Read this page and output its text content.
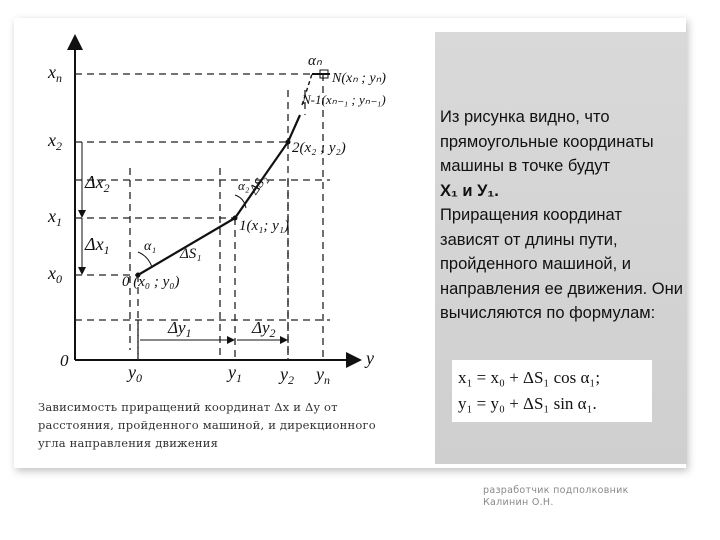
$x_n$
$x_2$
$\Delta x_2$
$x_1$
$\Delta x_1$
$x_0$
0	y
$y_0$	$y_1$ $y_2$ $y_n$
$\Delta y_1$	$\Delta y_2$
0 (x₀ ; y₀)
1(x₁; y₁)
2(x₂ ; y₂)
N-1(xₙ₋₁ ; yₙ₋₁)
N(xₙ ; yₙ)
ΔS₁
ΔS₂
α₁
α₂
αₙ
Зависимость приращений координат Δx и Δy от расстояния, пройденного машиной, и дирекционного угла направления движения
Из рисунка видно, что прямоугольные координаты машины в точке будут
X₁ и У₁.
Приращения координат зависят от длины пути, пройденного машиной, и направления ее движения. Они вычисляются по формулам:
x₁ = x₀ + ΔS₁ cos α₁;
y₁ = y₀ + ΔS₁ sin α₁.
разработчик подполковник
Калинин О.Н.
